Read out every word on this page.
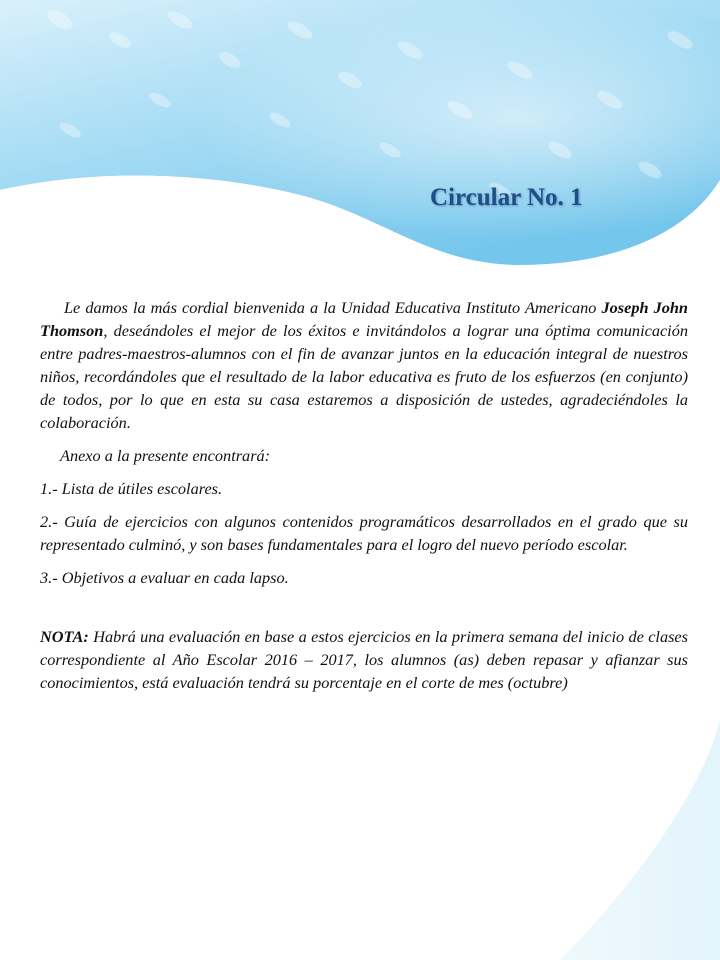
Circular No. 1

Le damos la más cordial bienvenida a la Unidad Educativa Instituto Americano Joseph John Thomson, deseándoles el mejor de los éxitos e invitándolos a lograr una óptima comunicación entre padres-maestros-alumnos con el fin de avanzar juntos en la educación integral de nuestros niños, recordándoles que el resultado de la labor educativa es fruto de los esfuerzos (en conjunto) de todos, por lo que en esta su casa estaremos a disposición de ustedes, agradeciéndoles la colaboración.

Anexo a la presente encontrará:

1.- Lista de útiles escolares.

2.- Guía de ejercicios con algunos contenidos programáticos desarrollados en el grado que su representado culminó, y son bases fundamentales para el logro del nuevo período escolar.

3.- Objetivos a evaluar en cada lapso.

NOTA: Habrá una evaluación en base a estos ejercicios en la primera semana del inicio de clases correspondiente al Año Escolar 2016 – 2017, los alumnos (as) deben repasar y afianzar sus conocimientos, está evaluación tendrá su porcentaje en el corte de mes (octubre)
